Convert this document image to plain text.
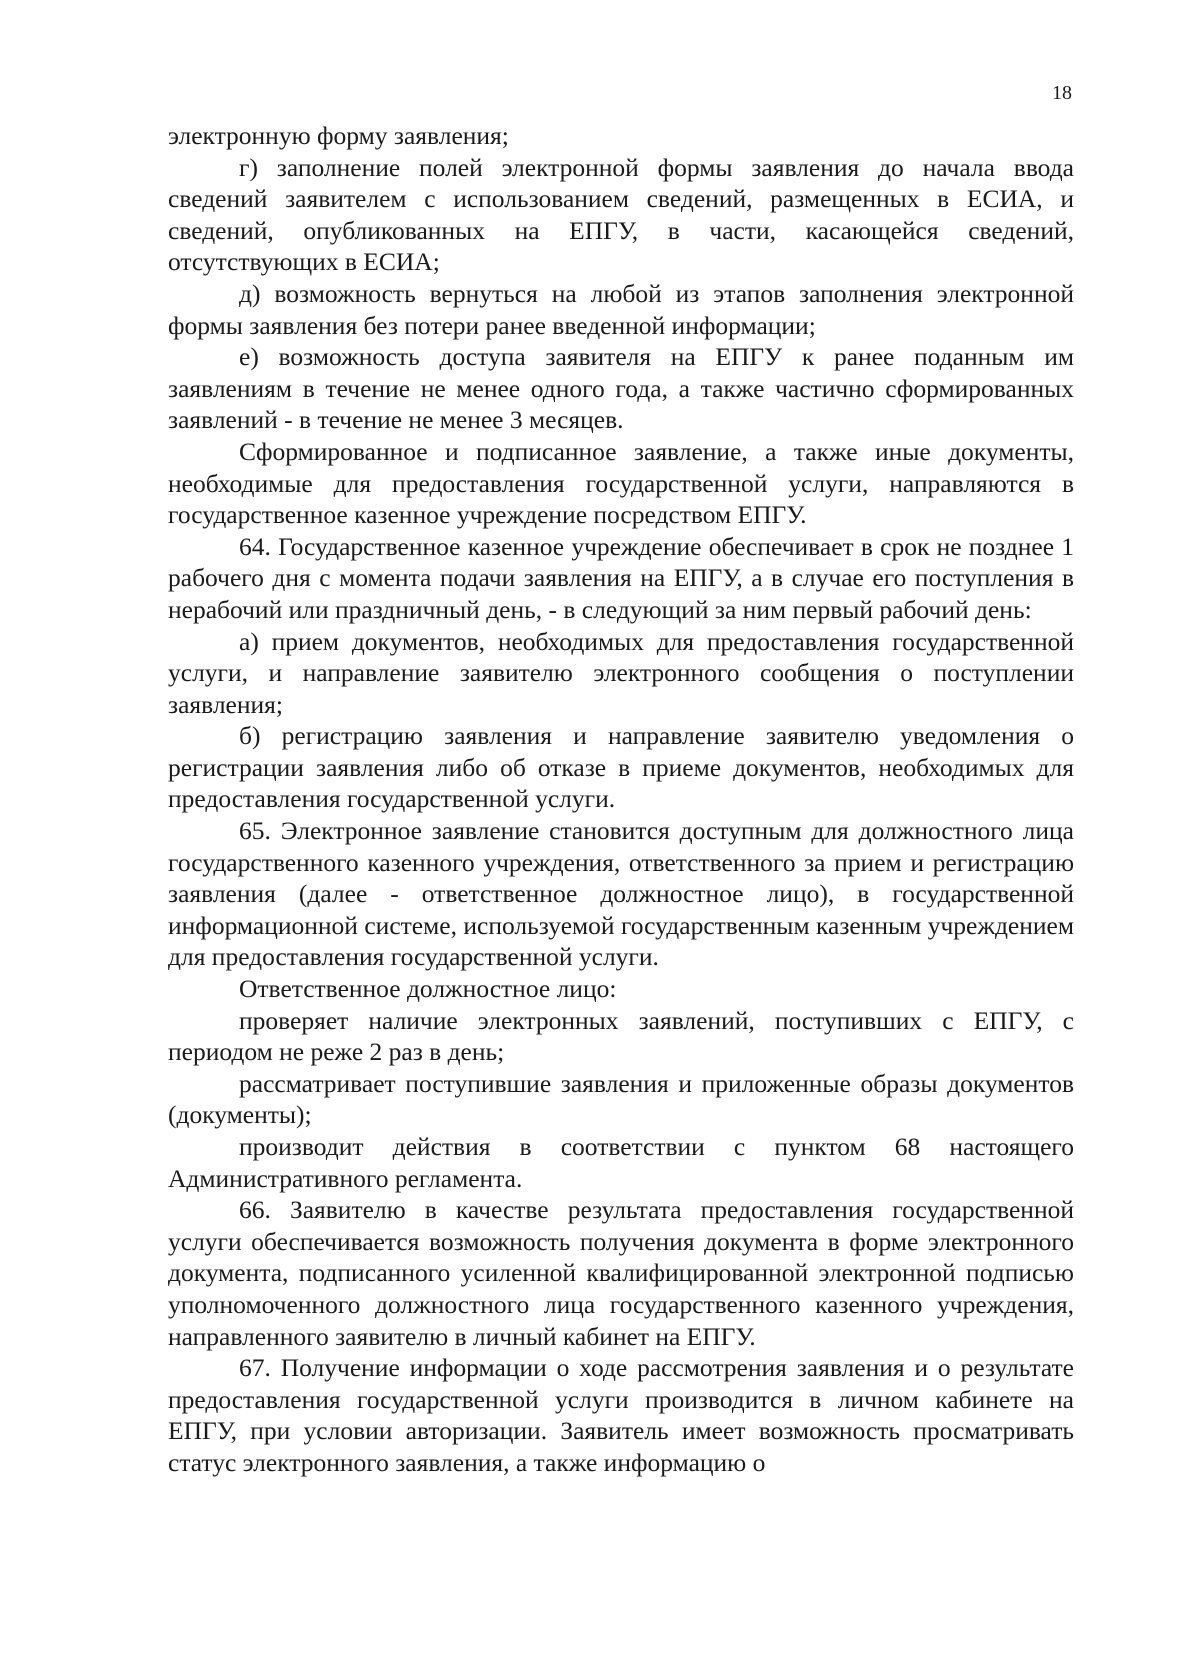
18

электронную форму заявления;

г) заполнение полей электронной формы заявления до начала ввода сведений заявителем с использованием сведений, размещенных в ЕСИА, и сведений, опубликованных на ЕПГУ, в части, касающейся сведений, отсутствующих в ЕСИА;

д) возможность вернуться на любой из этапов заполнения электронной формы заявления без потери ранее введенной информации;

е) возможность доступа заявителя на ЕПГУ к ранее поданным им заявлениям в течение не менее одного года, а также частично сформированных заявлений - в течение не менее 3 месяцев.

Сформированное и подписанное заявление, а также иные документы, необходимые для предоставления государственной услуги, направляются в государственное казенное учреждение посредством ЕПГУ.

64. Государственное казенное учреждение обеспечивает в срок не позднее 1 рабочего дня с момента подачи заявления на ЕПГУ, а в случае его поступления в нерабочий или праздничный день, - в следующий за ним первый рабочий день:

а) прием документов, необходимых для предоставления государственной услуги, и направление заявителю электронного сообщения о поступлении заявления;

б) регистрацию заявления и направление заявителю уведомления о регистрации заявления либо об отказе в приеме документов, необходимых для предоставления государственной услуги.

65. Электронное заявление становится доступным для должностного лица государственного казенного учреждения, ответственного за прием и регистрацию заявления (далее - ответственное должностное лицо), в государственной информационной системе, используемой государственным казенным учреждением для предоставления государственной услуги.

Ответственное должностное лицо:

проверяет наличие электронных заявлений, поступивших с ЕПГУ, с периодом не реже 2 раз в день;

рассматривает поступившие заявления и приложенные образы документов (документы);

производит действия в соответствии с пунктом 68 настоящего Административного регламента.

66. Заявителю в качестве результата предоставления государственной услуги обеспечивается возможность получения документа в форме электронного документа, подписанного усиленной квалифицированной электронной подписью уполномоченного должностного лица государственного казенного учреждения, направленного заявителю в личный кабинет на ЕПГУ.

67. Получение информации о ходе рассмотрения заявления и о результате предоставления государственной услуги производится в личном кабинете на ЕПГУ, при условии авторизации. Заявитель имеет возможность просматривать статус электронного заявления, а также информацию о
